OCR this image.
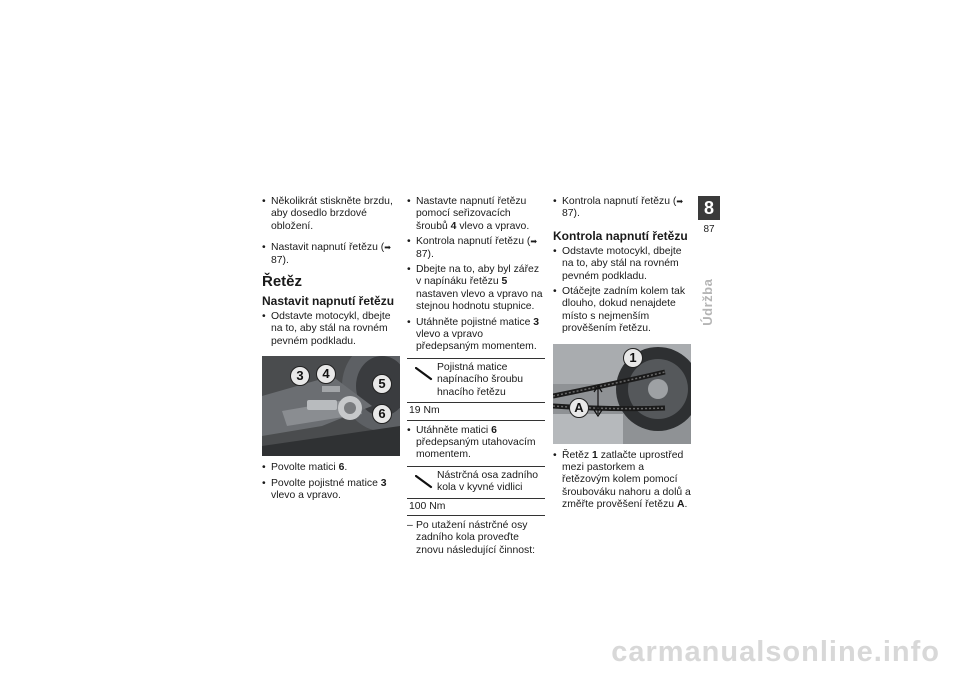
• Několikrát stiskněte brzdu, aby dosedlo brzdové obložení.
• Nastavit napnutí řetězu (➡ 87).
Řetěz
Nastavit napnutí řetězu
• Odstavte motocykl, dbejte na to, aby stál na rovném pevném podkladu.
3	4
5
6
• Povolte matici 6.
• Povolte pojistné matice 3 vlevo a vpravo.
• Nastavte napnutí řetězu pomocí seřizovacích šroubů 4 vlevo a vpravo.
• Kontrola napnutí řetězu (➡ 87).
• Dbejte na to, aby byl zářez v napínáku řetězu 5 nastaven vlevo a vpravo na stejnou hodnotu stupnice.
• Utáhněte pojistné matice 3 vlevo a vpravo předepsaným momentem.
Pojistná matice napínacího šroubu hnacího řetězu
19 Nm
• Utáhněte matici 6 předepsaným utahovacím momentem.
Nástrčná osa zadního kola v kyvné vidlici
100 Nm
– Po utažení nástrčné osy zadního kola proveďte znovu následující činnost:
• Kontrola napnutí řetězu (➡ 87).
Kontrola napnutí řetězu
• Odstavte motocykl, dbejte na to, aby stál na rovném pevném podkladu.
• Otáčejte zadním kolem tak dlouho, dokud nenajdete místo s nejmenším prověšením řetězu.
1
A
• Řetěz 1 zatlačte uprostřed mezi pastorkem a řetězovým kolem pomocí šroubováku nahoru a dolů a změřte prověšení řetězu A.
8
87
Údržba
carmanualsonline.info
